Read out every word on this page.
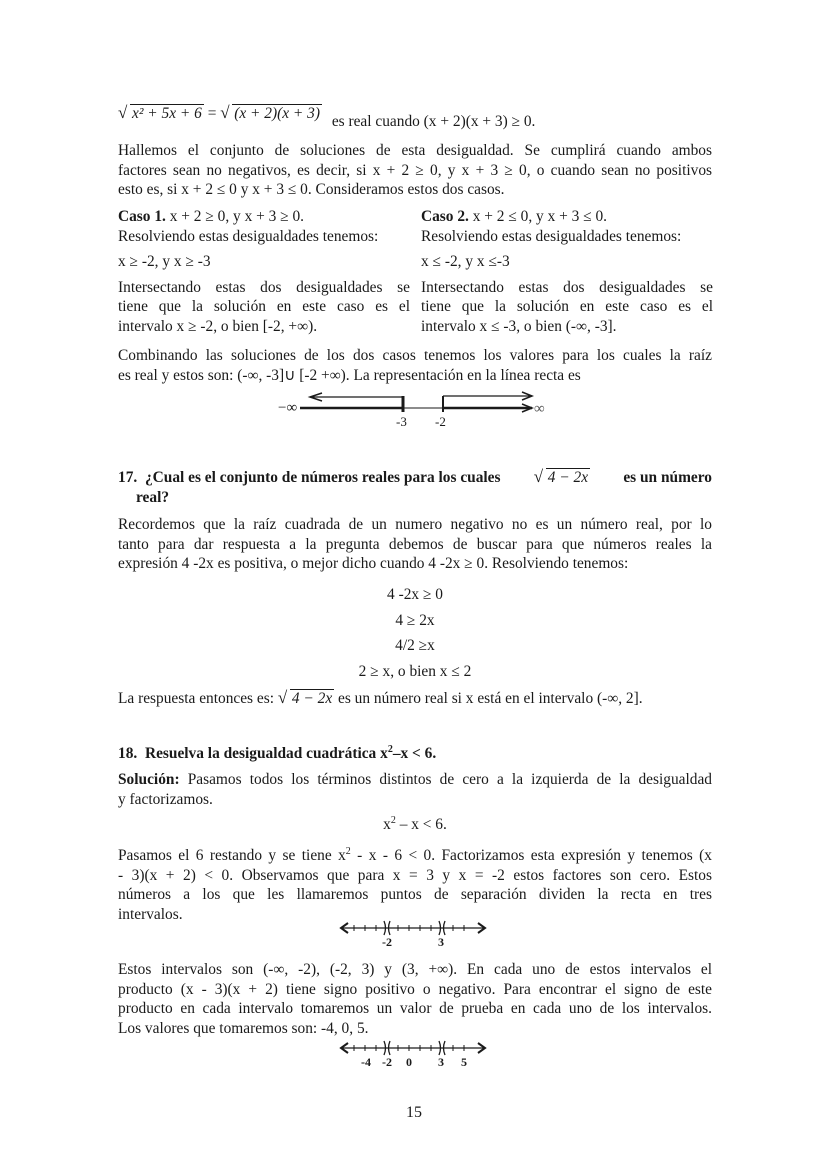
√ x² + 5x + 6 = √ (x + 2)(x + 3) es real cuando (x + 2)(x + 3) ≥ 0.
Hallemos el conjunto de soluciones de esta desigualdad. Se cumplirá cuando ambos
factores sean no negativos, es decir, si x + 2 ≥ 0, y x + 3 ≥ 0, o cuando sean no positivos
esto es, si x + 2 ≤ 0 y x + 3 ≤ 0. Consideramos estos dos casos.
Caso 1. x + 2 ≥ 0, y x + 3 ≥ 0.
Resolviendo estas desigualdades tenemos:
x ≥ -2, y x ≥ -3
Intersectando estas dos desigualdades se
tiene que la solución en este caso es el
intervalo x ≥ -2, o bien [-2, +∞).
Caso 2. x + 2 ≤ 0, y x + 3 ≤ 0.
Resolviendo estas desigualdades tenemos:
x ≤ -2, y x ≤-3
Intersectando estas dos desigualdades se
tiene que la solución en este caso es el
intervalo x ≤ -3, o bien (-∞, -3].
Combinando las soluciones de los dos casos tenemos los valores para los cuales la raíz
es real y estos son: (-∞, -3]∪ [-2 +∞). La representación en la línea recta es
−∞	∞
-3 -2
17. ¿Cual es el conjunto de números reales para los cuales	√ 4 − 2x es un número
real?
Recordemos que la raíz cuadrada de un numero negativo no es un número real, por lo
tanto para dar respuesta a la pregunta debemos de buscar para que números reales la
expresión 4 -2x es positiva, o mejor dicho cuando 4 -2x ≥ 0. Resolviendo tenemos:
4 -2x ≥ 0
4 ≥ 2x
4/2 ≥x
2 ≥ x, o bien x ≤ 2
La respuesta entonces es: √ 4 − 2x es un número real si x está en el intervalo (-∞, 2].
18. Resuelva la desigualdad cuadrática $x^2-x < 6$.
Solución: Pasamos todos los términos distintos de cero a la izquierda de la desigualdad
y factorizamos.
$x^2 - x < 6$.
Pasamos el 6 restando y se tiene $x^2 - x - 6 < 0$. Factorizamos esta expresión y tenemos (x
- 3)(x + 2) < 0. Observamos que para x = 3 y x = -2 estos factores son cero. Estos
números a los que les llamaremos puntos de separación dividen la recta en tres
intervalos.
-2	3
Estos intervalos son (-∞, -2), (-2, 3) y (3, +∞). En cada uno de estos intervalos el
producto (x - 3)(x + 2) tiene signo positivo o negativo. Para encontrar el signo de este
producto en cada intervalo tomaremos un valor de prueba en cada uno de los intervalos.
Los valores que tomaremos son: -4, 0, 5.
-4 -2 0 3 5
15
